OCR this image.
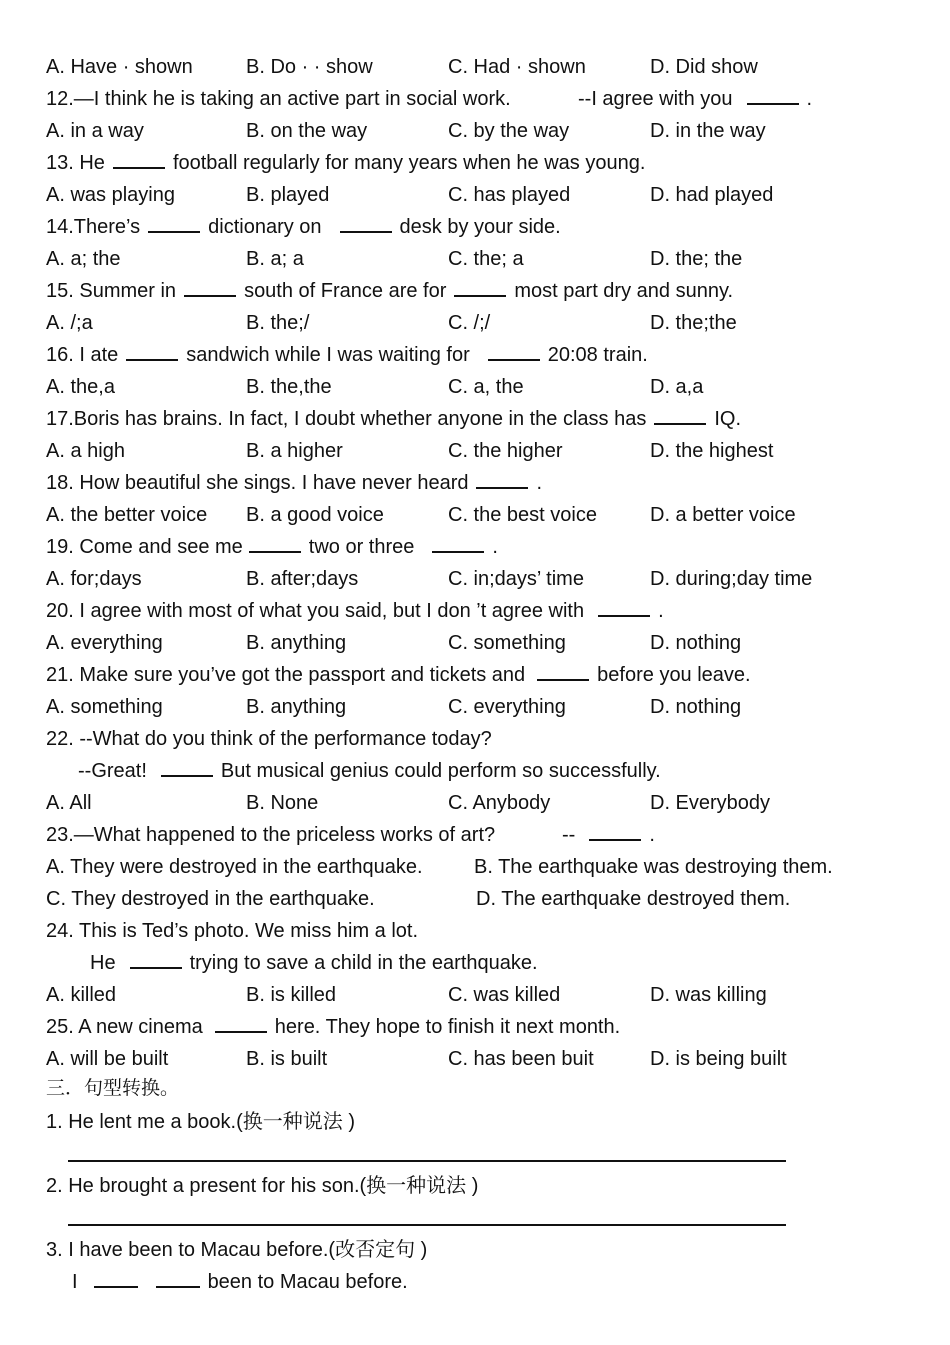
A. Have · shown	B. Do · · show	C. Had · shown	D. Did show
12.—I think he is taking an active part in social work.	--I agree with you	.
A. in a way	B. on the way	C. by the way	D. in the way
13. He	football regularly for many years when he was young.
A. was playing	B. played	C. has played	D. had played
14.There’s	dictionary on	desk by your side.
A. a; the	B. a; a	C. the; a	D. the; the
15. Summer in	south of France are for	most part dry and sunny.
A. /;a	B. the;/	C. /;/	D. the;the
16. I ate	sandwich while I was waiting for	20:08 train.
A. the,a	B. the,the	C. a, the	D. a,a
17.Boris has brains. In fact, I doubt whether anyone in the class has	IQ.
A. a high	B. a higher	C. the higher	D. the highest
18. How beautiful she sings. I have never heard	.
A. the better voice B. a good voice	C. the best voice	D. a better voice
19. Come and see me	two or three	.
A. for;days	B. after;days	C. in;days’ time	D. during;day time
20. I agree with most of what you said, but I don ’t agree with	.
A. everything	B. anything	C. something	D. nothing
21. Make sure you’ve got the passport and tickets and	before you leave.
A. something	B. anything	C. everything	D. nothing
22. --What do you think of the performance today?
--Great!	But musical genius could perform so successfully.
A. All	B. None	C. Anybody	D. Everybody
23.—What happened to the priceless works of art?	--	.
A. They were destroyed in the earthquake.	B. The earthquake was destroying them.
C. They destroyed in the earthquake.	D. The earthquake destroyed them.
24. This is Ted’s photo. We miss him a lot.
He	trying to save a child in the earthquake.
A. killed	B. is killed	C. was killed	D. was killing
25. A new cinema	here. They hope to finish it next month.
A. will be built	B. is built	C. has been buit	D. is being built
三．句型转换。
1. He lent me a book.(换一种说法 )
2. He brought a present for his son.(换一种说法 )
3. I have been to Macau before.(改否定句 )
I	been to Macau before.
